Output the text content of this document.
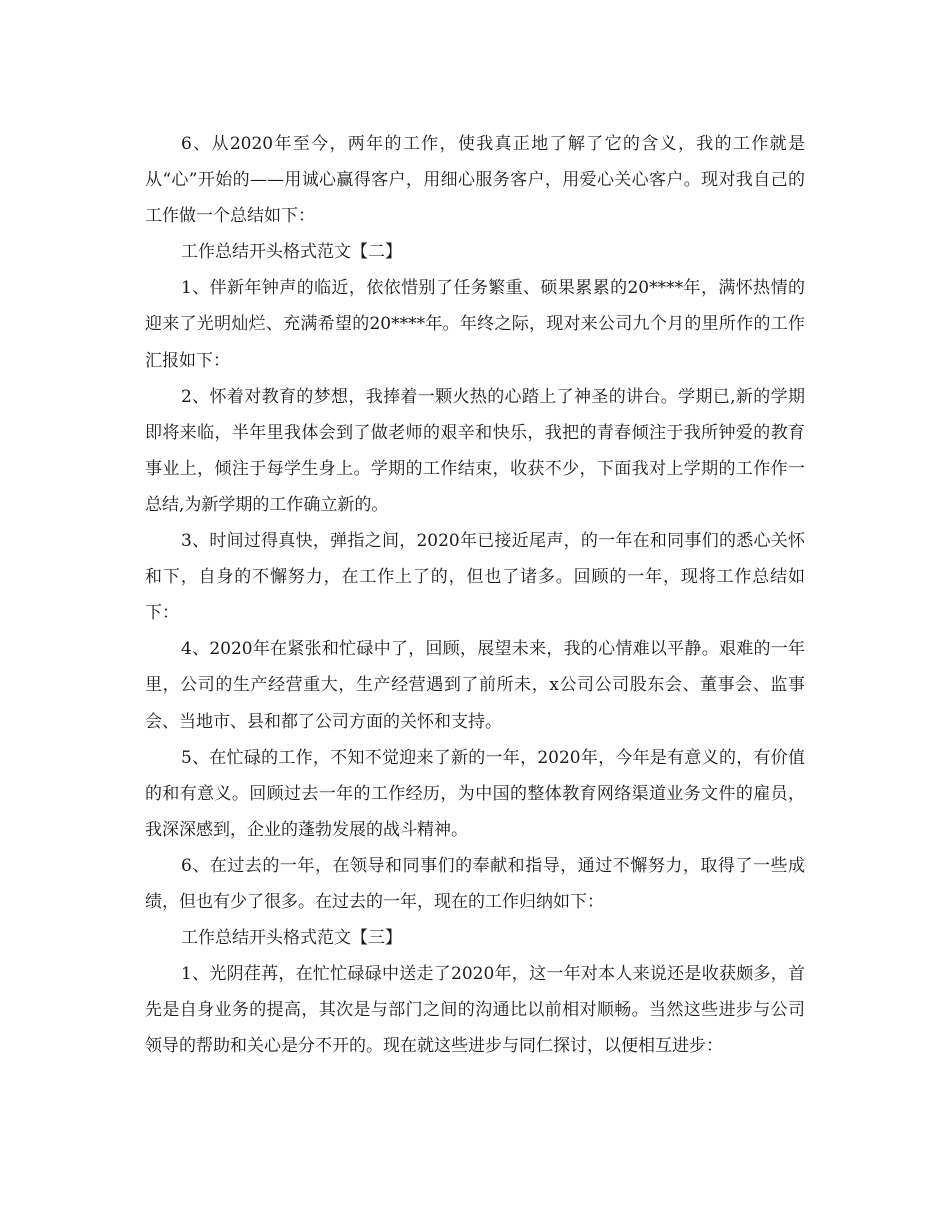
6、从2020年至今，两年的工作，使我真正地了解了它的含义，我的工作就是从“心”开始的——用诚心赢得客户，用细心服务客户，用爱心关心客户。现对我自己的工作做一个总结如下：

工作总结开头格式范文【二】

1、伴新年钟声的临近，依依惜别了任务繁重、硕果累累的20****年，满怀热情的迎来了光明灿烂、充满希望的20****年。年终之际，现对来公司九个月的里所作的工作汇报如下：

2、怀着对教育的梦想，我捧着一颗火热的心踏上了神圣的讲台。学期已,新的学期即将来临，半年里我体会到了做老师的艰辛和快乐，我把的青春倾注于我所钟爱的教育事业上，倾注于每学生身上。学期的工作结束，收获不少，下面我对上学期的工作作一总结,为新学期的工作确立新的。

3、时间过得真快，弹指之间，2020年已接近尾声，的一年在和同事们的悉心关怀和下，自身的不懈努力，在工作上了的，但也了诸多。回顾的一年，现将工作总结如下：

4、2020年在紧张和忙碌中了，回顾，展望未来，我的心情难以平静。艰难的一年里，公司的生产经营重大，生产经营遇到了前所未，x公司公司股东会、董事会、监事会、当地市、县和都了公司方面的关怀和支持。

5、在忙碌的工作，不知不觉迎来了新的一年，2020年，今年是有意义的，有价值的和有意义。回顾过去一年的工作经历，为中国的整体教育网络渠道业务文件的雇员，我深深感到，企业的蓬勃发展的战斗精神。

6、在过去的一年，在领导和同事们的奉献和指导，通过不懈努力，取得了一些成绩，但也有少了很多。在过去的一年，现在的工作归纳如下：

工作总结开头格式范文【三】

1、光阴荏苒，在忙忙碌碌中送走了2020年，这一年对本人来说还是收获颇多，首先是自身业务的提高，其次是与部门之间的沟通比以前相对顺畅。当然这些进步与公司领导的帮助和关心是分不开的。现在就这些进步与同仁探讨，以便相互进步：
